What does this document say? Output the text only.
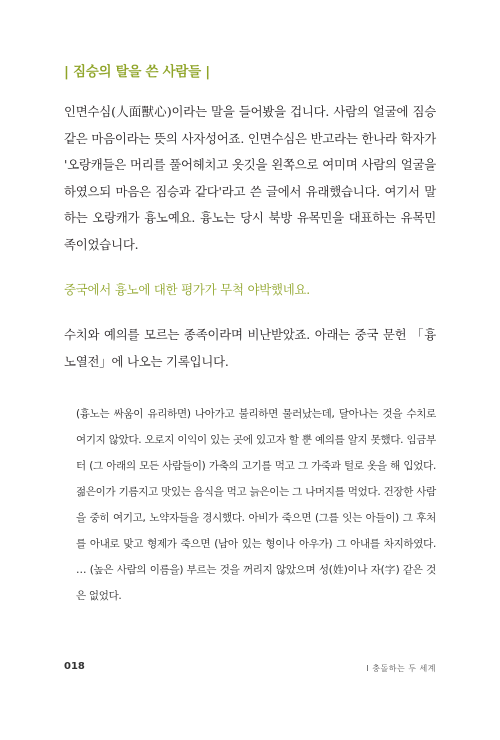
| 짐승의 탈을 쓴 사람들 |

인면수심(人面獸心)이라는 말을 들어봤을 겁니다. 사람의 얼굴에 짐승 같은 마음이라는 뜻의 사자성어죠. 인면수심은 반고라는 한나라 학자가 '오랑캐들은 머리를 풀어헤치고 옷깃을 왼쪽으로 여미며 사람의 얼굴을 하였으되 마음은 짐승과 같다'라고 쓴 글에서 유래했습니다. 여기서 말하는 오랑캐가 흉노예요. 흉노는 당시 북방 유목민을 대표하는 유목민족이었습니다.

중국에서 흉노에 대한 평가가 무척 야박했네요.

수치와 예의를 모르는 종족이라며 비난받았죠. 아래는 중국 문헌 「흉노열전」에 나오는 기록입니다.

(흉노는 싸움이 유리하면) 나아가고 불리하면 물러났는데, 달아나는 것을 수치로 여기지 않았다. 오로지 이익이 있는 곳에 있고자 할 뿐 예의를 알지 못했다. 임금부터 (그 아래의 모든 사람들이) 가축의 고기를 먹고 그 가죽과 털로 옷을 해 입었다. 젊은이가 기름지고 맛있는 음식을 먹고 늙은이는 그 나머지를 먹었다. 건장한 사람을 중히 여기고, 노약자들을 경시했다. 아비가 죽으면 (그를 잇는 아들이) 그 후처를 아내로 맞고 형제가 죽으면 (남아 있는 형이나 아우가) 그 아내를 차지하였다. … (높은 사람의 이름을) 부르는 것을 꺼리지 않았으며 성(姓)이나 자(字) 같은 것은 없었다.

018	I 충돌하는 두 세계
